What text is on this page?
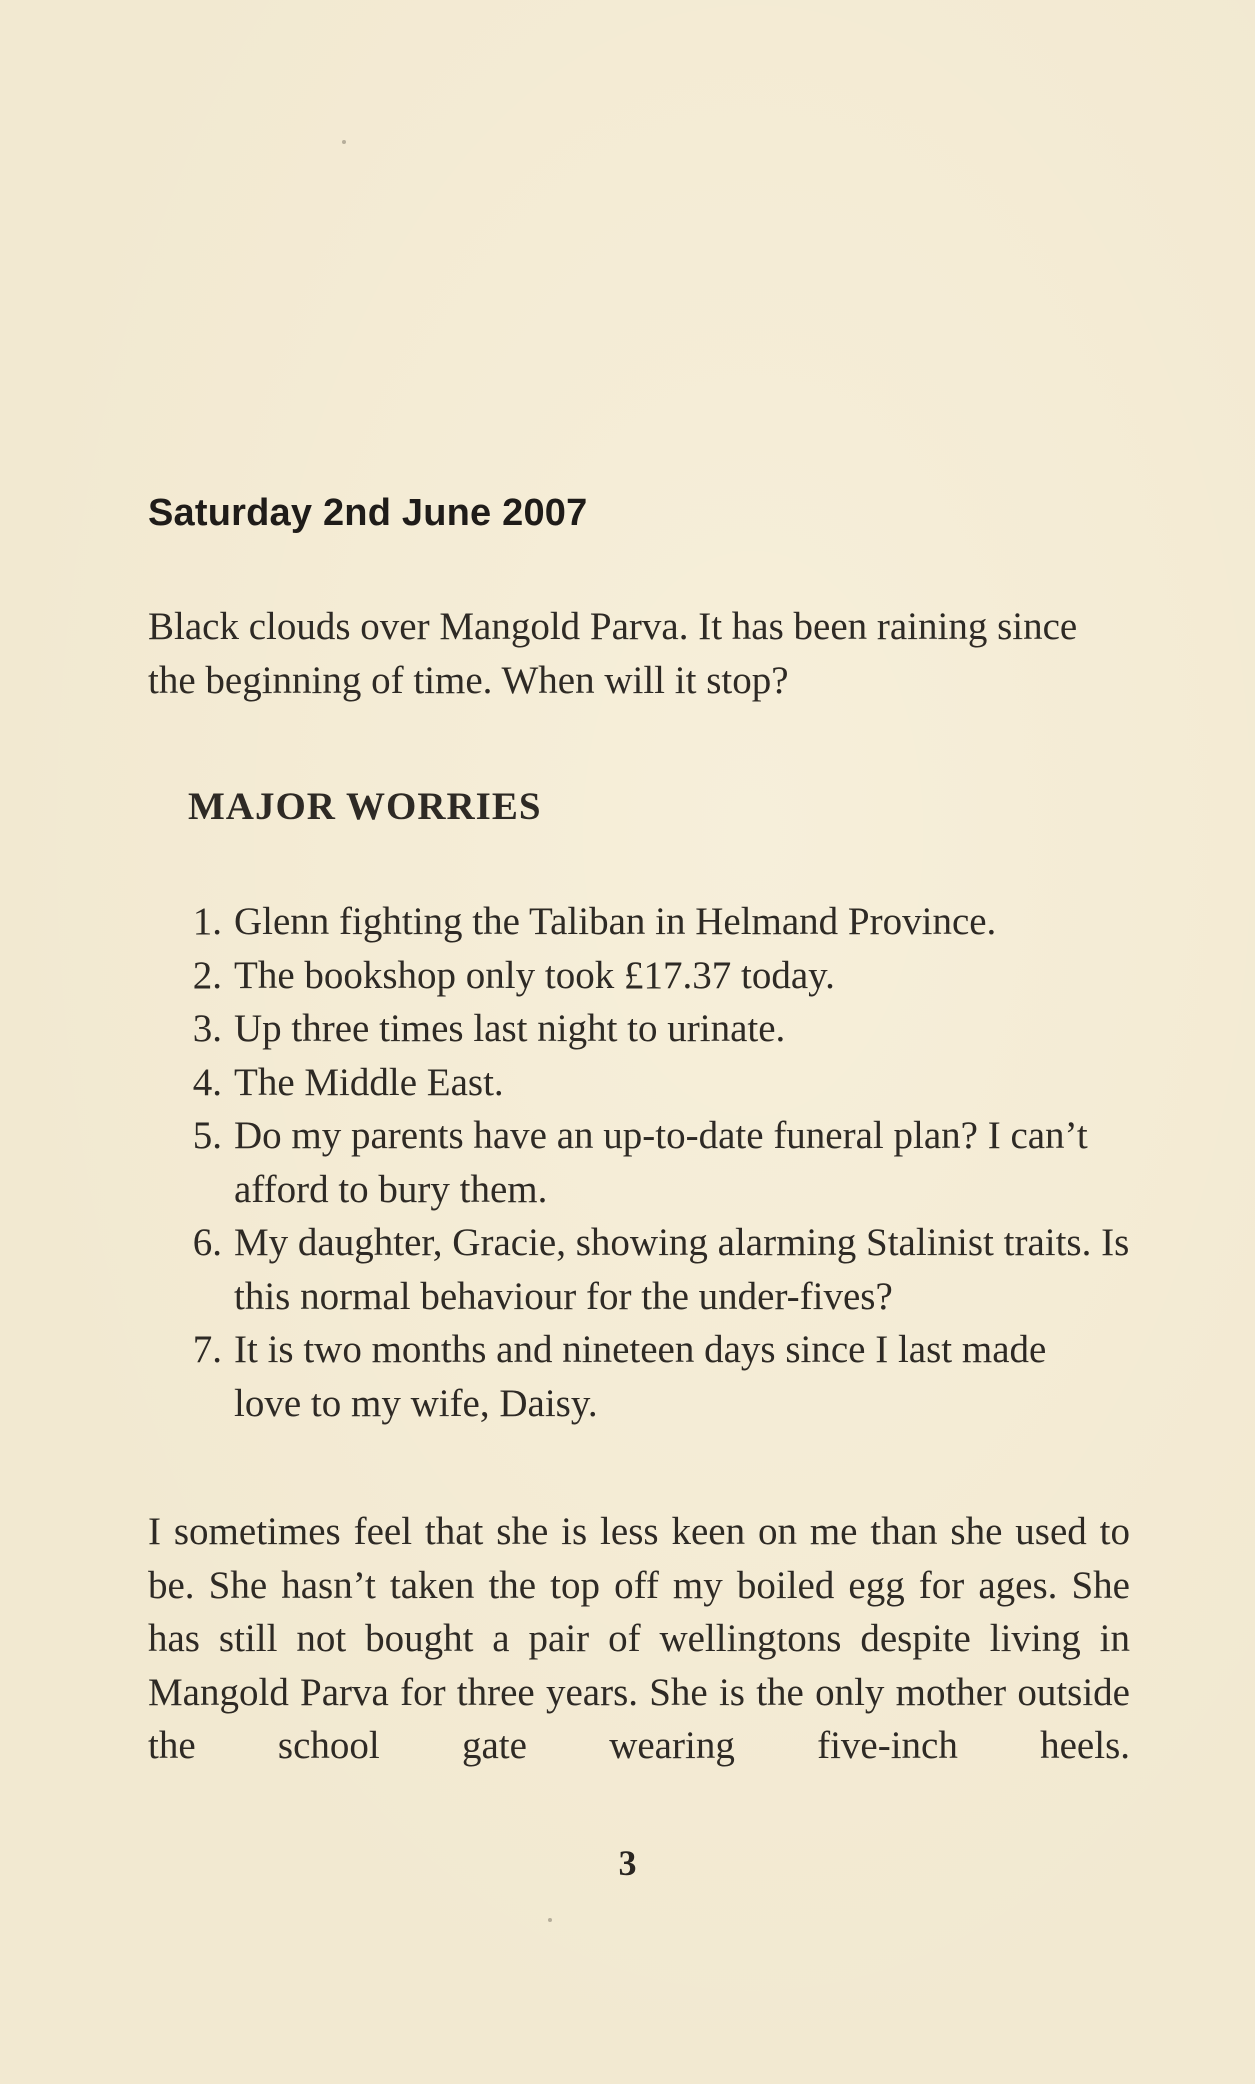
Saturday 2nd June 2007

Black clouds over Mangold Parva. It has been raining since the beginning of time. When will it stop?

MAJOR WORRIES
1. Glenn fighting the Taliban in Helmand Province.
2. The bookshop only took £17.37 today.
3. Up three times last night to urinate.
4. The Middle East.
5. Do my parents have an up-to-date funeral plan? I can’t afford to bury them.
6. My daughter, Gracie, showing alarming Stalinist traits. Is this normal behaviour for the under-fives?
7. It is two months and nineteen days since I last made love to my wife, Daisy.

I sometimes feel that she is less keen on me than she used to be. She hasn’t taken the top off my boiled egg for ages. She has still not bought a pair of wellingtons despite living in Mangold Parva for three years. She is the only mother outside the school gate wearing five-inch heels.

3
